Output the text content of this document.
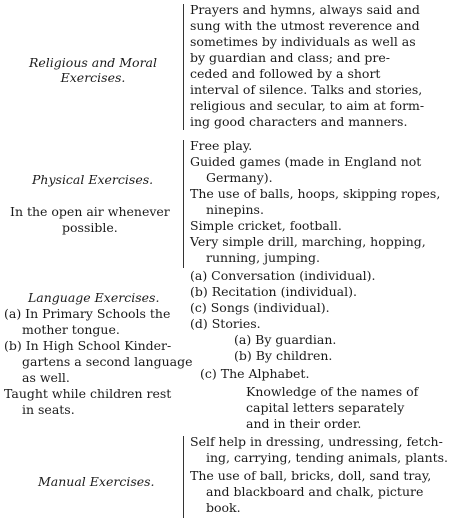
Religious and Moral Exercises.
Prayers and hymns, always said and
sung with the utmost reverence and
sometimes by individuals as well as
by guardian and class; and pre-
ceded and followed by a short
interval of silence. Talks and stories,
religious and secular, to aim at form-
ing good characters and manners.
Physical Exercises.
In the open air whenever
possible.
Free play.
Guided games (made in England not
Germany).
The use of balls, hoops, skipping ropes,
ninepins.
Simple cricket, football.
Very simple drill, marching, hopping,
running, jumping.
Language Exercises.
(a) In Primary Schools the
mother tongue.
(b) In High School Kinder-
gartens a second language
as well.
Taught while children rest
in seats.
(a) Conversation (individual).
(b) Recitation (individual).
(c) Songs (individual).
(d) Stories.
(a) By guardian.
(b) By children.
(c) The Alphabet.
Knowledge of the names of
capital letters separately
and in their order.
Manual Exercises.
Self help in dressing, undressing, fetch-
ing, carrying, tending animals, plants.
The use of ball, bricks, doll, sand tray,
and blackboard and chalk, picture
book.
